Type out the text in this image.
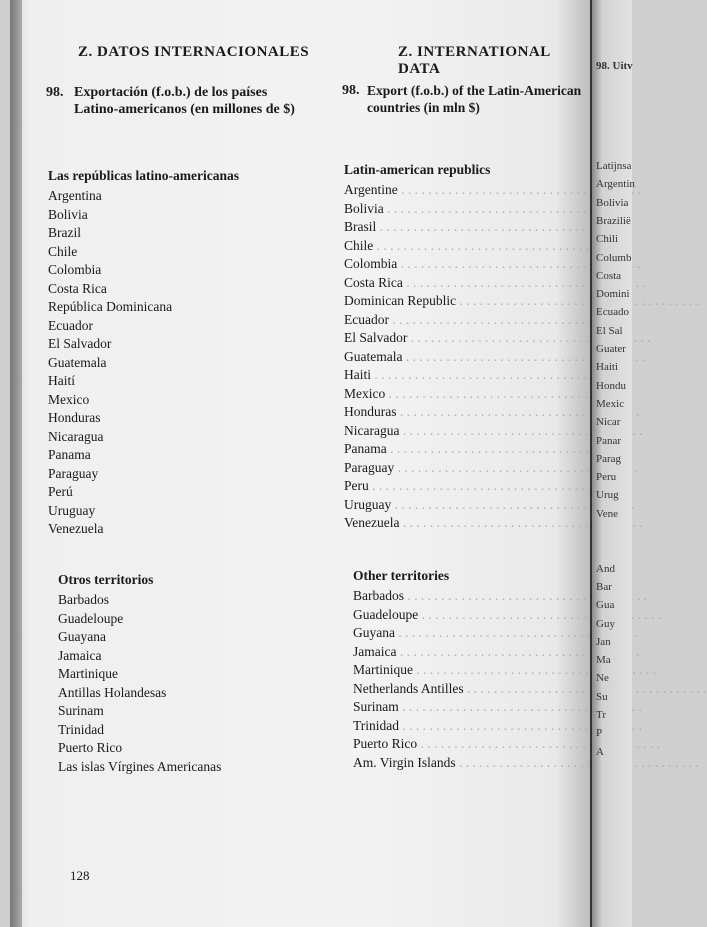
Z. DATOS INTERNACIONALES	Z. INTERNATIONAL DATA
98. Exportación (f.o.b.) de los países
Latino-americanos (en millones de $)
98. Export (f.o.b.) of the Latin-American
countries (in mln $)
Las repúblicas latino-americanas
Argentina
Bolivia
Brazil
Chile
Colombia
Costa Rica
República Dominicana
Ecuador
El Salvador
Guatemala
Haití
Mexico
Honduras
Nicaragua
Panama
Paraguay
Perú
Uruguay
Venezuela
Otros territorios
Barbados
Guadeloupe
Guayana
Jamaica
Martinique
Antillas Holandesas
Surinam
Trinidad
Puerto Rico
Las islas Vírgines Americanas
Latin-american republics
Argentine . . .
Bolivia . . .
Brasil . . .
Chile . . .
Colombia . . .
Costa Rica . . .
Dominican Republic . . .
Ecuador . . .
El Salvador . . .
Guatemala . . .
Haiti . . .
Mexico . . .
Honduras . . .
Nicaragua . . .
Panama . . .
Paraguay . . .
Peru . . .
Uruguay . . .
Venezuela . . .
Other territories
Barbados . . .
Guadeloupe . . .
Guyana . . .
Jamaica . . .
Martinique . . .
Netherlands Antilles . . .
Surinam . . .
Trinidad . . .
Puerto Rico . . .
Am. Virgin Islands . . .
128
98. Uitv
Latijnsa
Argentin
Bolivia
Brazilië
Chili
Columb
Costa
Domini
Ecuado
El Sal
Guater
Haiti
Hondu
Mexic
Nicar
Panar
Parag
Peru
Urug
Vene
And
Bar
Gua
Guy
Jan
Ma
Ne
Su
Tr
P
A
